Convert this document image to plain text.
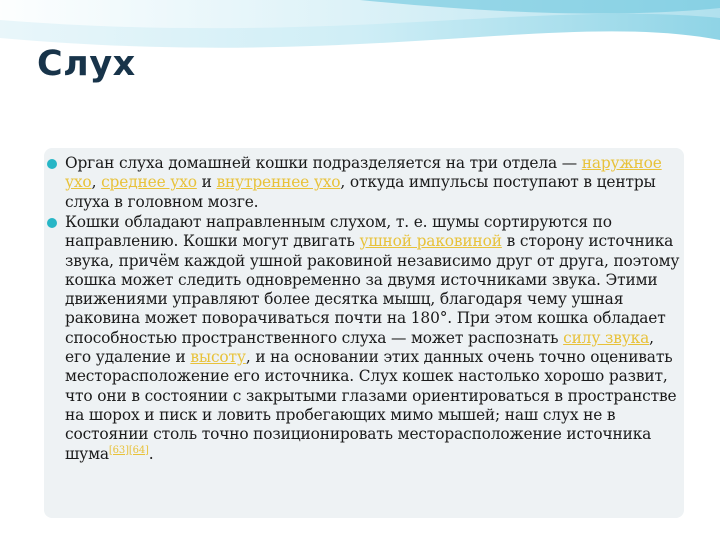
Слух

Орган слуха домашней кошки подразделяется на три отдела — наружное ухо, среднее ухо и внутреннее ухо, откуда импульсы поступают в центры слуха в головном мозге.

Кошки обладают направленным слухом, т. е. шумы сортируются по направлению. Кошки могут двигать ушной раковиной в сторону источника звука, причём каждой ушной раковиной независимо друг от друга, поэтому кошка может следить одновременно за двумя источниками звука. Этими движениями управляют более десятка мышц, благодаря чему ушная раковина может поворачиваться почти на 180°. При этом кошка обладает способностью пространственного слуха — может распознать силу звука, его удаление и высоту, и на основании этих данных очень точно оценивать месторасположение его источника. Слух кошек настолько хорошо развит, что они в состоянии с закрытыми глазами ориентироваться в пространстве на шорох и писк и ловить пробегающих мимо мышей; наш слух не в состоянии столь точно позиционировать месторасположение источника шума[63][64].
